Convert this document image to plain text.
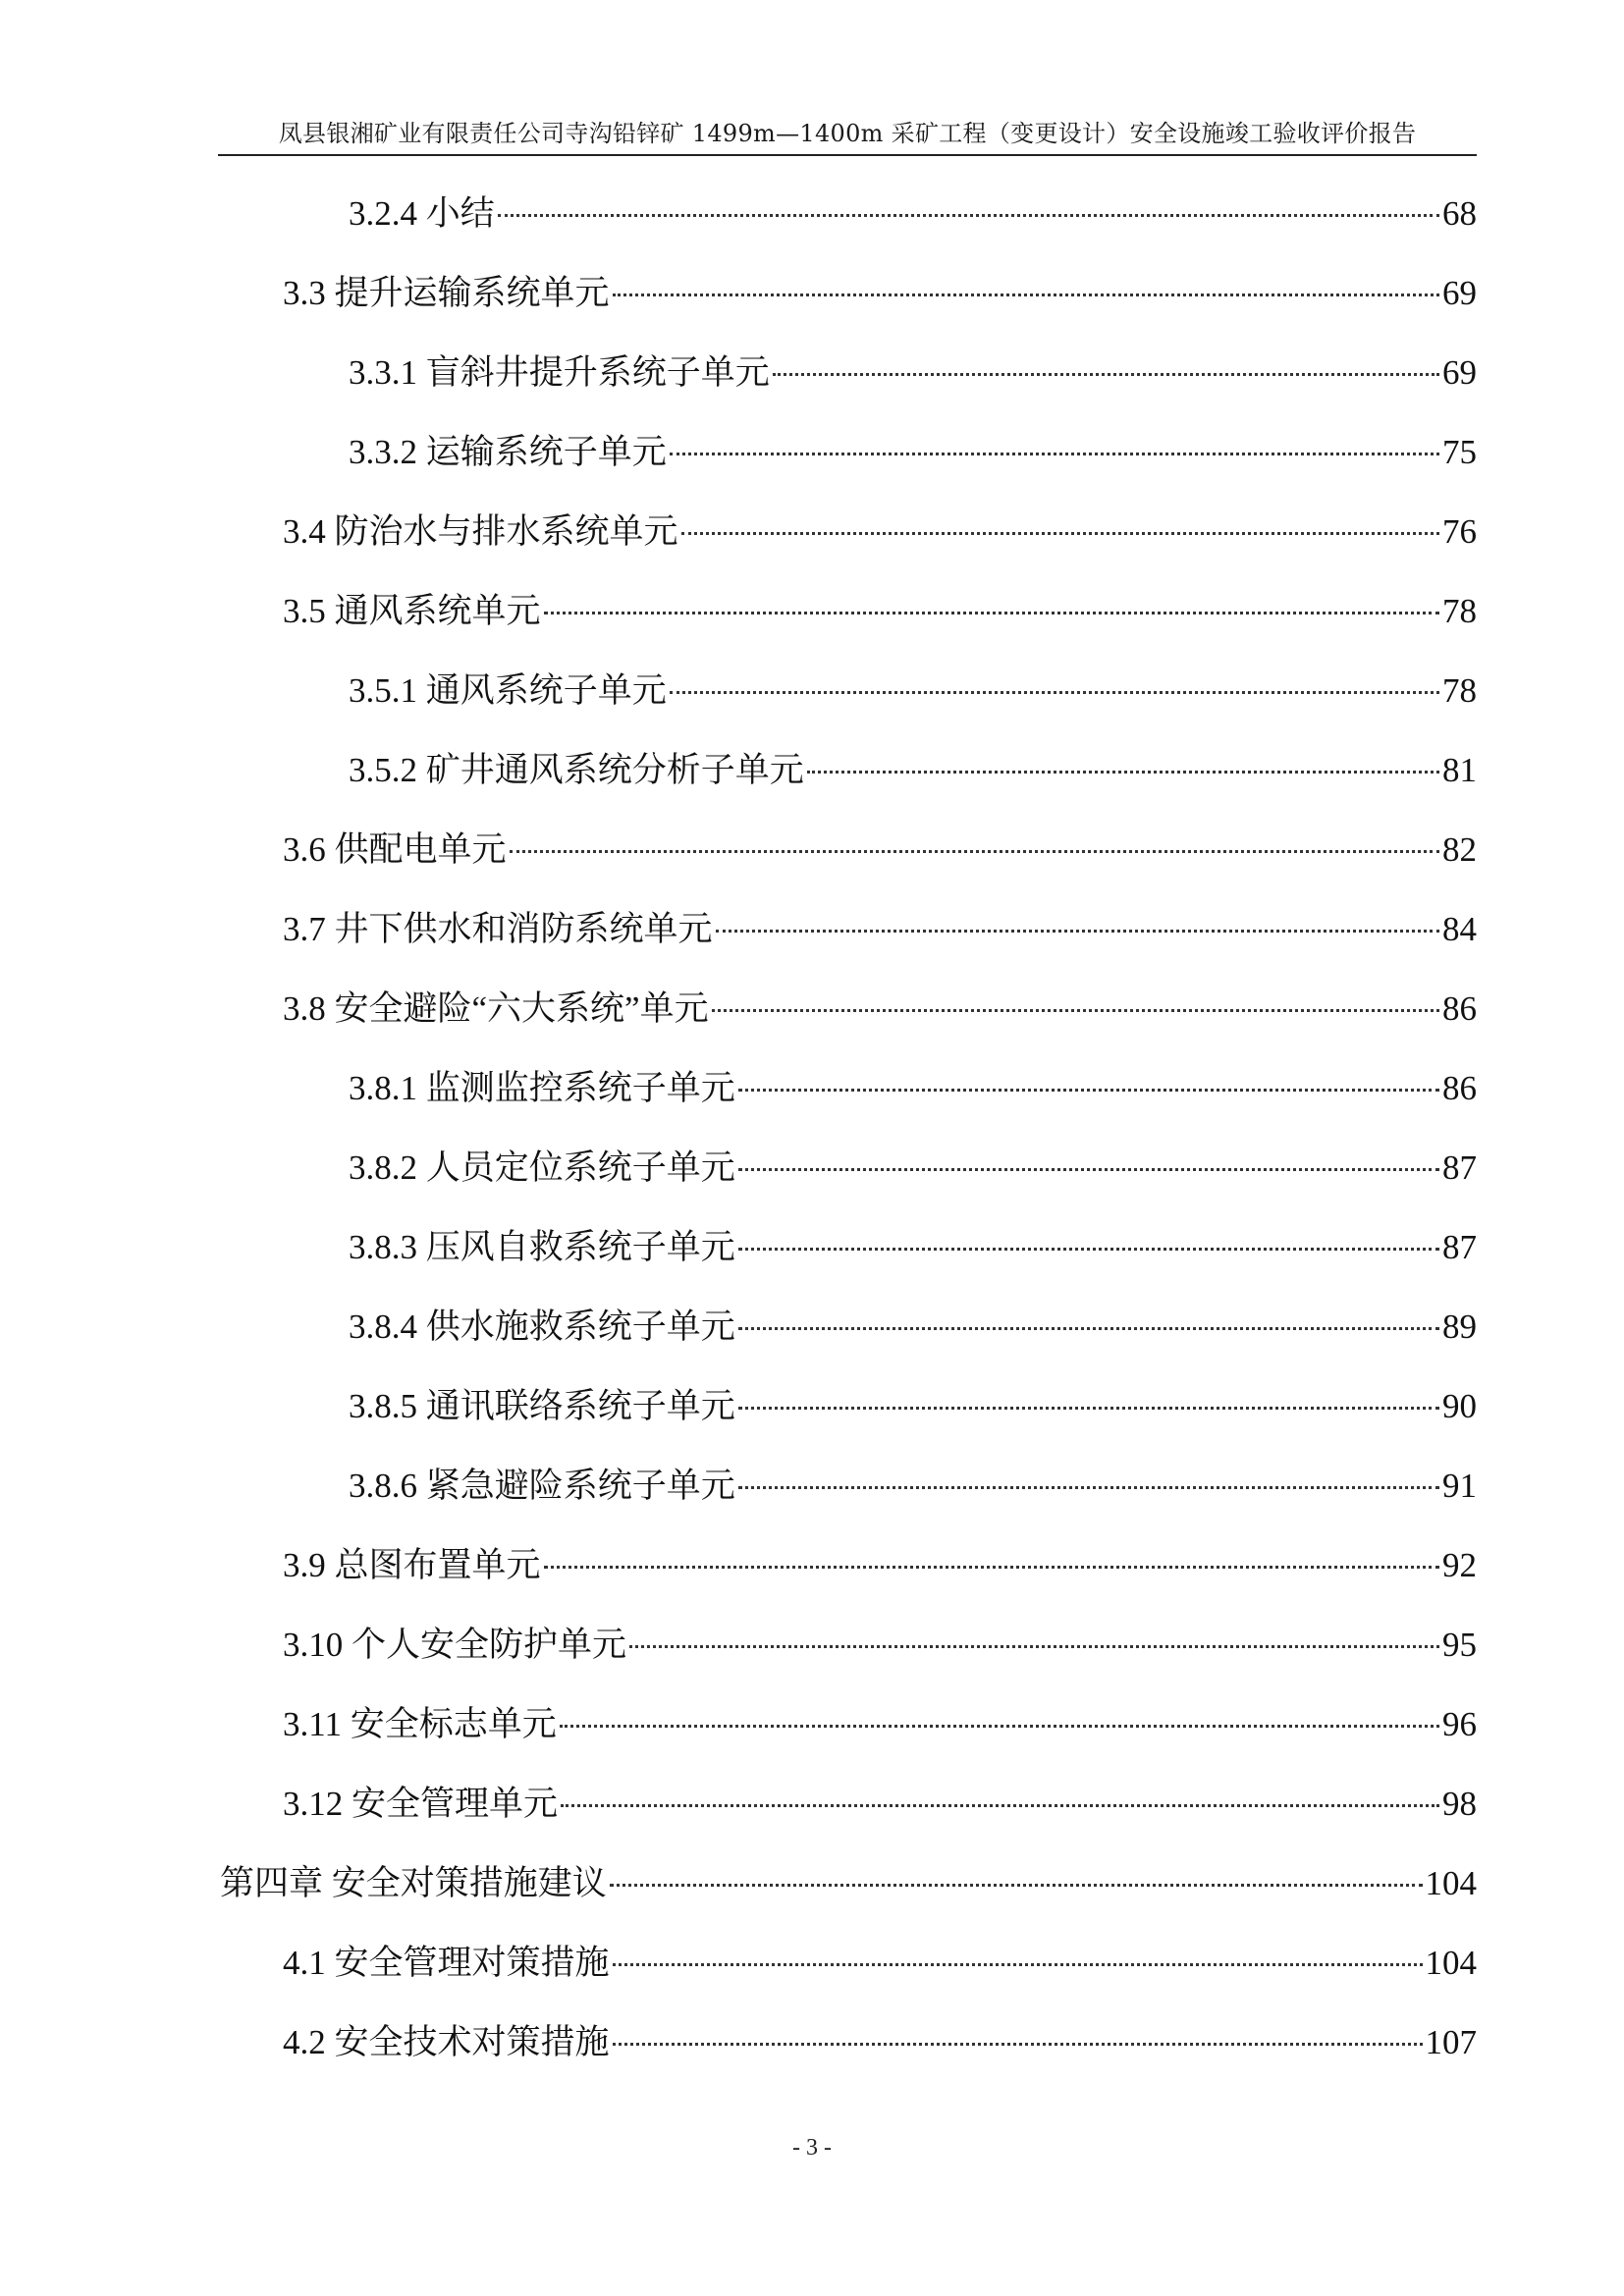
凤县银湘矿业有限责任公司寺沟铅锌矿 1499m—1400m 采矿工程（变更设计）安全设施竣工验收评价报告
3.2.4 小结	68
3.3 提升运输系统单元	69
3.3.1 盲斜井提升系统子单元	69
3.3.2 运输系统子单元	75
3.4 防治水与排水系统单元	76
3.5 通风系统单元	78
3.5.1 通风系统子单元	78
3.5.2 矿井通风系统分析子单元	81
3.6 供配电单元	82
3.7 井下供水和消防系统单元	84
3.8 安全避险“六大系统”单元	86
3.8.1 监测监控系统子单元	86
3.8.2 人员定位系统子单元	87
3.8.3 压风自救系统子单元	87
3.8.4 供水施救系统子单元	89
3.8.5 通讯联络系统子单元	90
3.8.6 紧急避险系统子单元	91
3.9 总图布置单元	92
3.10 个人安全防护单元	95
3.11 安全标志单元	96
3.12 安全管理单元	98
第四章 安全对策措施建议	104
4.1 安全管理对策措施	104
4.2 安全技术对策措施	107
- 3 -
